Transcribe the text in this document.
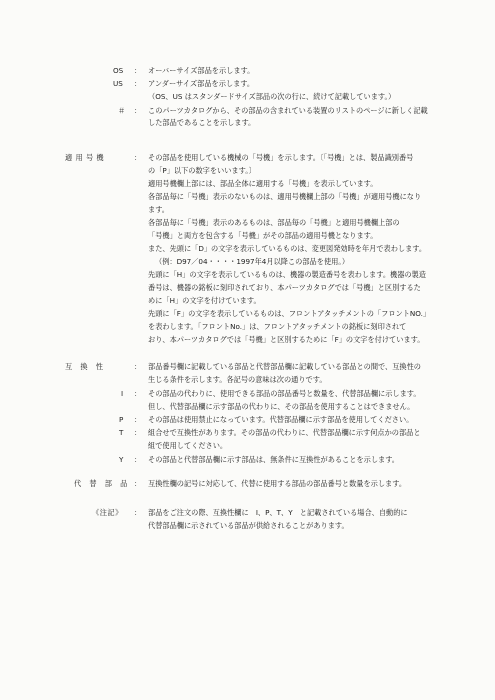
OS ： オーバーサイズ部品を示します。
US ： アンダーサイズ部品を示します。
（OS、US はスタンダードサイズ部品の次の行に、続けて記載しています。）
＃ ： このパーツカタログから、その部品の含まれている装置のリストのページに新しく記載
した部品であることを示します。
適 用 号 機	： その部品を使用している機械の「号機」を示します。〔「号機」とは、製品識別番号
の「P」以下の数字をいいます。〕
適用号機欄上部には、部品全体に適用する「号機」を表示しています。
各部品毎に「号機」表示のないものは、適用号機欄上部の「号機」が適用号機になり
ます。
各部品毎に「号機」表示のあるものは、部品毎の「号機」と適用号機欄上部の
「号機」と両方を包含する「号機」がその部品の適用号機となります。
また、先頭に「D」の文字を表示しているものは、変更図発効時を年月で表わします。
（例：D97／04・・・・1997年4月以降この部品を使用。）
先頭に「H」の文字を表示しているものは、機器の製造番号を表わします。機器の製造
番号は、機器の銘板に刻印されており、本パーツカタログでは「号機」と区別するた
めに「H」の文字を付けています。
先頭に「F」の文字を表示しているものは、フロントアタッチメントの「フロントNO.」
を表わします。「フロントNo.」は、フロントアタッチメントの銘板に刻印されて
おり、本パーツカタログでは「号機」と区別するために「F」の文字を付けています。
互　換　性	： 部品番号欄に記載している部品と代替部品欄に記載している部品との間で、互換性の
生じる条件を示します。各記号の意味は次の通りです。
I ： その部品の代わりに、使用できる部品の部品番号と数量を、代替部品欄に示します。
但し、代替部品欄に示す部品の代わりに、その部品を使用することはできません。
P ： その部品は使用禁止になっています。代替部品欄に示す部品を使用してください。
T ： 組合せで互換性があります。その部品の代わりに、代替部品欄に示す何点かの部品と
組で使用してください。
Y ： その部品と代替部品欄に示す部品は、無条件に互換性があることを示します。
代　替　部　品 ： 互換性欄の記号に対応して、代替に使用する部品の部品番号と数量を示します。
《注記》 ： 部品をご注文の際、互換性欄に　I、P、T、Y　と記載されている場合、自動的に
代替部品欄に示されている部品が供給されることがあります。
